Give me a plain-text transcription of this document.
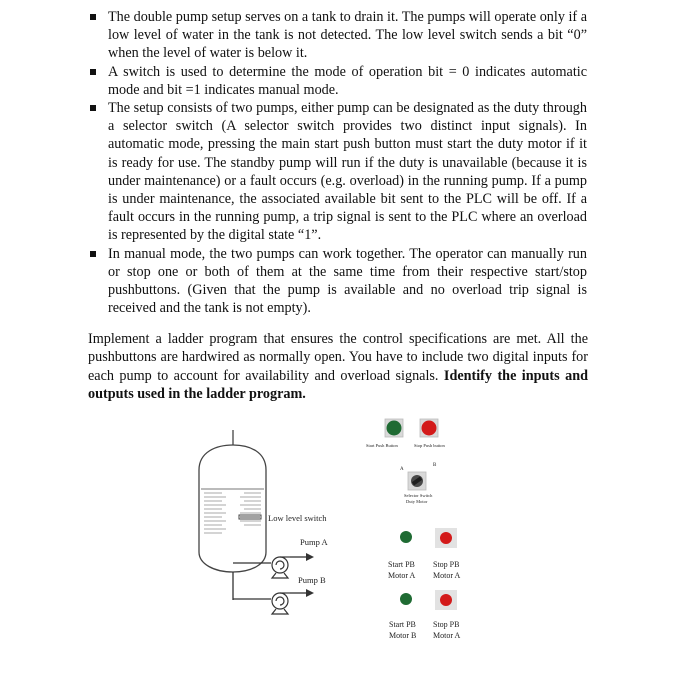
The double pump setup serves on a tank to drain it. The pumps will operate only if a low level of water in the tank is not detected. The low level switch sends a bit “0” when the level of water is below it.
A switch is used to determine the mode of operation bit = 0 indicates automatic mode and bit =1 indicates manual mode.
The setup consists of two pumps, either pump can be designated as the duty through a selector switch (A selector switch provides two distinct input signals). In automatic mode, pressing the main start push button must start the duty motor if it is ready for use. The standby pump will run if the duty is unavailable (because it is under maintenance) or a fault occurs (e.g. overload) in the running pump. If a pump is under maintenance, the associated available bit sent to the PLC will be off. If a fault occurs in the running pump, a trip signal is sent to the PLC where an overload is represented by the digital state “1”.
In manual mode, the two pumps can work together. The operator can manually run or stop one or both of them at the same time from their respective start/stop pushbuttons. (Given that the pump is available and no overload trip signal is received and the tank is not empty).

Implement a ladder program that ensures the control specifications are met. All the pushbuttons are hardwired as normally open. You have to include two digital inputs for each pump to account for availability and overload signals. Identify the inputs and outputs used in the ladder program.

Low level switch
Pump A
Pump B
Start Push Button	Stop Push button
A
B
Selector Switch
Duty Motor
Start PB
Motor A
Stop PB
Motor A
Start PB
Motor B
Stop PB
Motor A
